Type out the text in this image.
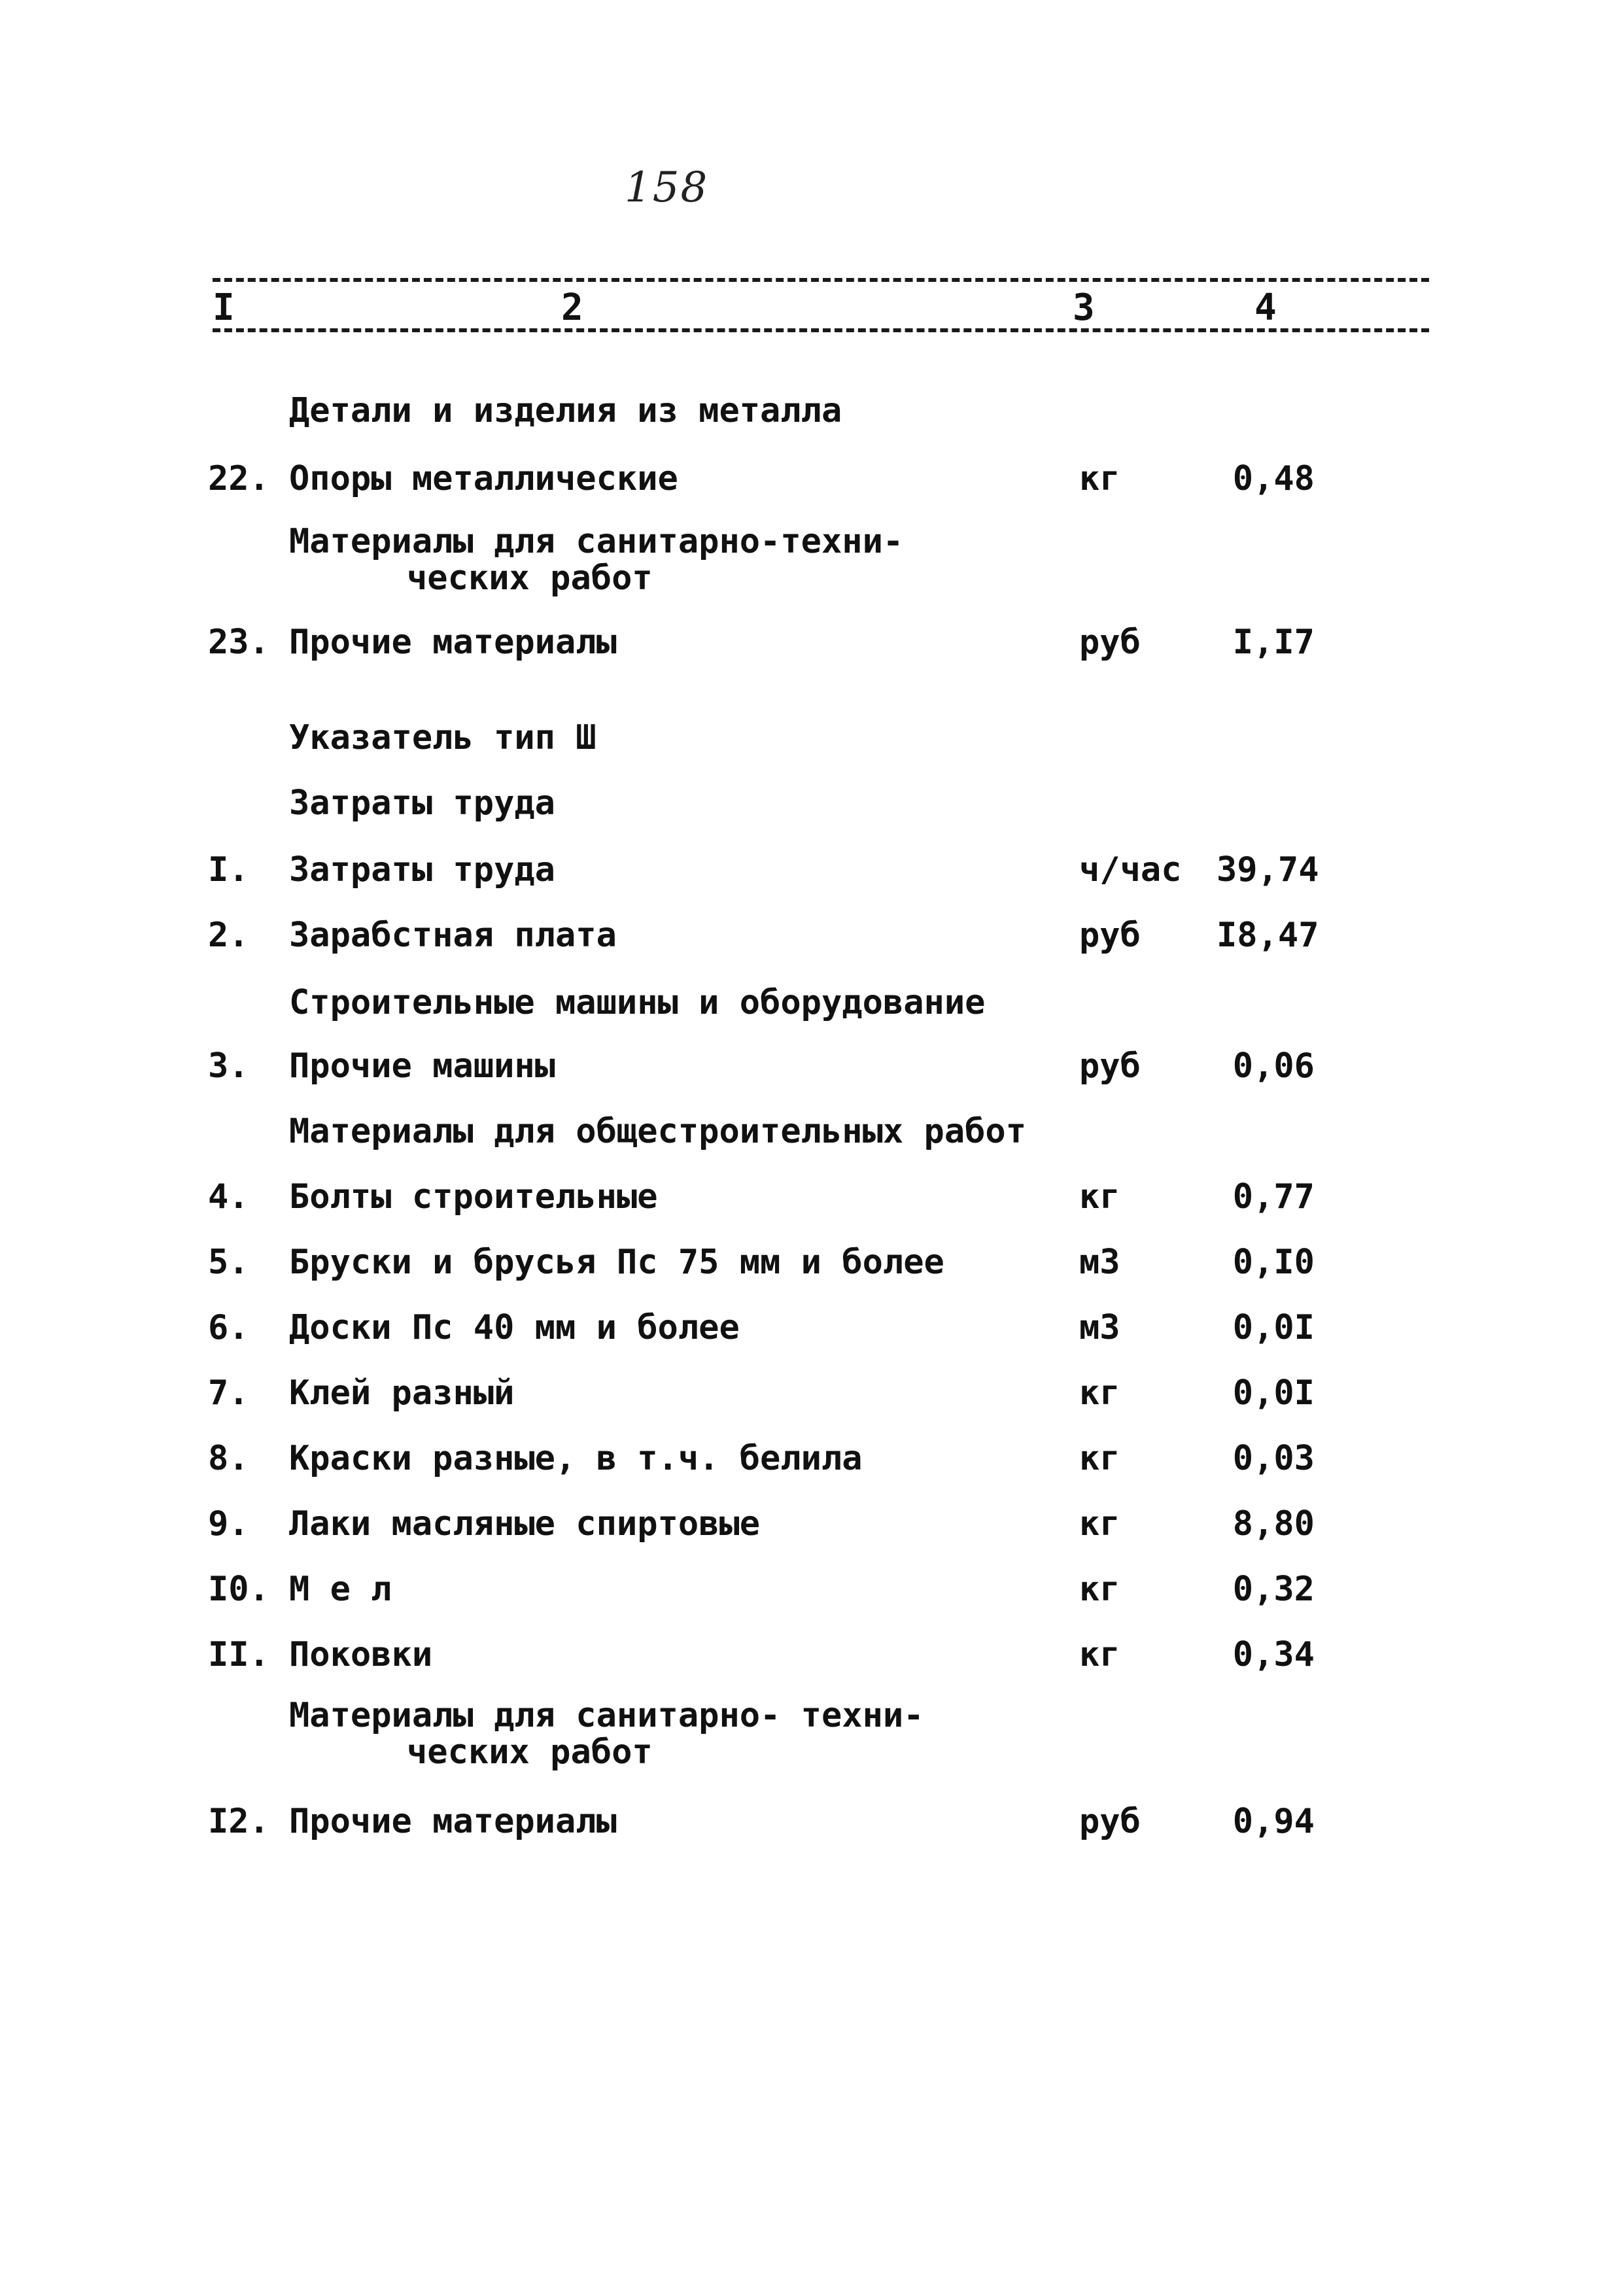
158
I	2	3	4
Детали и изделия из металла
22. Опоры металлические	кг	0,48
Материалы для санитарно-техни-
ческих работ
23. Прочие материалы	руб	I,I7
Указатель тип Ш
Затраты труда
I. Затраты труда	ч/час 39,74
2. Зарабстная плата	руб I8,47
Строительные машины и оборудование
3. Прочие машины	руб	0,06
Материалы для общестроительных работ
4. Болты строительные	кг	0,77
5. Бруски и брусья Пс 75 мм и более	м3	0,I0
6. Доски Пс 40 мм и более	м3	0,0I
7. Клей разный	кг	0,0I
8. Краски разные, в т.ч. белила	кг	0,03
9. Лаки масляные спиртовые	кг	8,80
I0. М е л	кг	0,32
II. Поковки	кг	0,34
Материалы для санитарно- техни-
ческих работ
I2. Прочие материалы	руб	0,94
